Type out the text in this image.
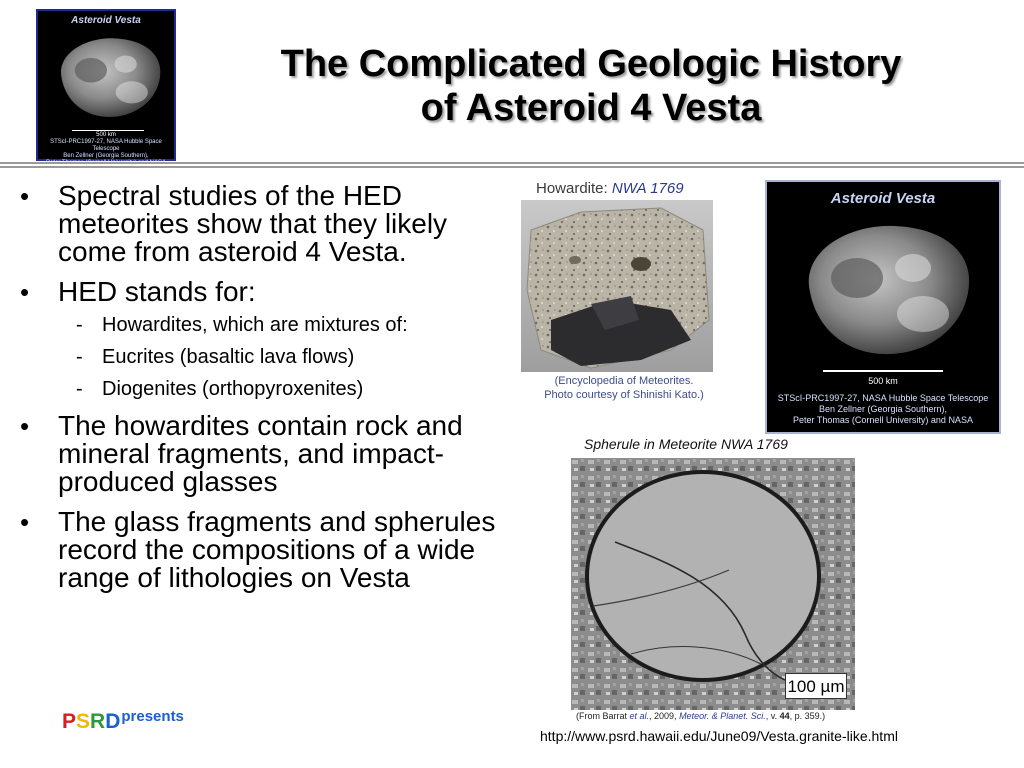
Asteroid Vesta
500 km
STScI-PRC1997-27, NASA Hubble Space Telescope
Ben Zellner (Georgia Southern),
The Complicated Geologic History
of Asteroid 4 Vesta
• Spectral studies of the HED meteorites show that they likely come from asteroid 4 Vesta.
• HED stands for:
- Howardites, which are mixtures of:
- Eucrites (basaltic lava flows)
- Diogenites (orthopyroxenites)
• The howardites contain rock and mineral fragments, and impact-produced glasses
• The glass fragments and spherules record the compositions of a wide range of lithologies on Vesta
Howardite: NWA 1769
(Encyclopedia of Meteorites.
Photo courtesy of Shinishi Kato.)
Asteroid Vesta
500 km
STScI-PRC1997-27, NASA Hubble Space Telescope
Ben Zellner (Georgia Southern),
Peter Thomas (Cornell University) and NASA
Spherule in Meteorite NWA 1769
100 µm
(From Barrat et al., 2009, Meteor. & Planet. Sci., v. 44, p. 359.)
http://www.psrd.hawaii.edu/June09/Vesta.granite-like.html
PSRDpresents
